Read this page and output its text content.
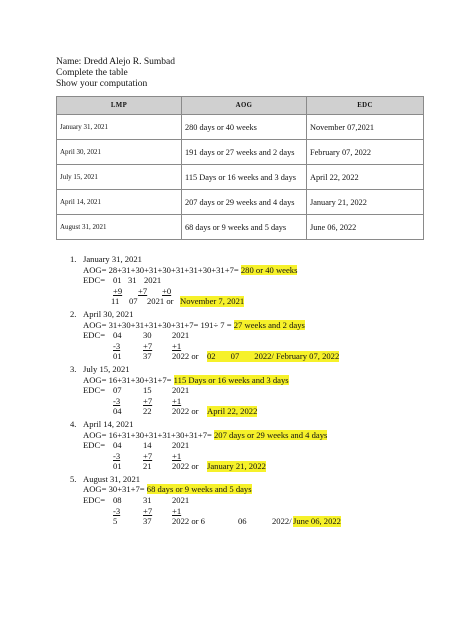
Name: Dredd Alejo R. Sumbad
Complete the table
Show your computation
LMP	AOG	EDC
January 31, 2021	280 days or 40 weeks	November 07,2021
April 30, 2021	191 days or 27 weeks and 2 days	February 07, 2022
July 15, 2021	115 Days or 16 weeks and 3 days	April 22, 2022
April 14, 2021	207 days or 29 weeks and 4 days	January 21, 2022
August 31, 2021	68 days or 9 weeks and 5 days	June 06, 2022
1. January 31, 2021
AOG= 28+31+30+31+30+31+31+30+31+7= 280 or 40 weeks
EDC= 01 31 2021
+9 +7 +0
11 07 2021 or November 7, 2021
2. April 30, 2021
AOG= 31+30+31+31+30+31+7= 191÷ 7 = 27 weeks and 2 days
EDC= 04 30 2021
-3	+7 +1
01 37 2022 or 02 07 2022/ February 07, 2022
3. July 15, 2021
AOG= 16+31+30+31+7= 115 Days or 16 weeks and 3 days
EDC= 07 15 2021
-3	+7 +1
04 22 2022 or April 22, 2022
4. April 14, 2021
AOG= 16+31+30+31+31+30+31+7= 207 days or 29 weeks and 4 days
EDC= 04 14 2021
-3	+7 +1
01 21 2022 or January 21, 2022
5. August 31, 2021
AOG= 30+31+7= 68 days or 9 weeks and 5 days
EDC= 08 31 2021
-3	+7 +1
5	37 2022 or 6	06	2022/ June 06, 2022
